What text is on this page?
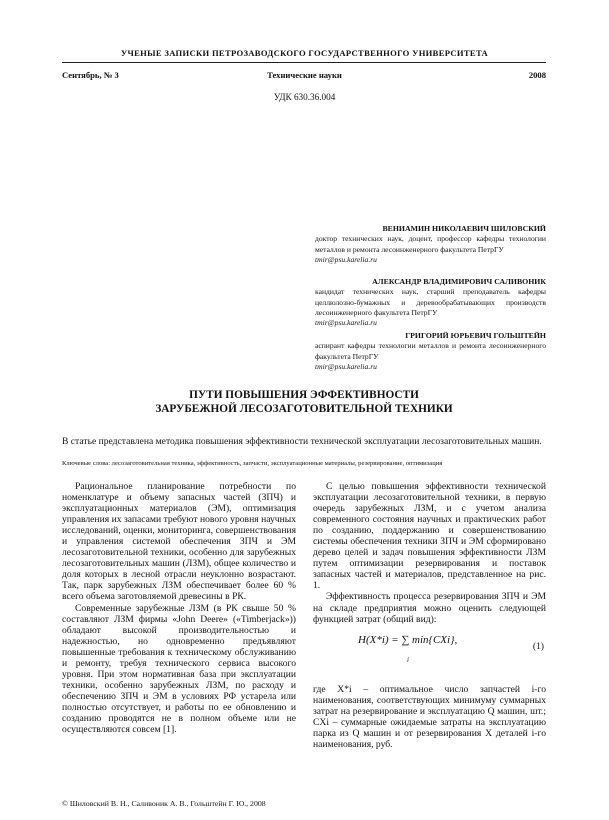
УЧЕНЫЕ ЗАПИСКИ ПЕТРОЗАВОДСКОГО ГОСУДАРСТВЕННОГО УНИВЕРСИТЕТА
Сентябрь, № 3	Технические науки	2008
УДК 630.36.004
ВЕНИАМИН НИКОЛАЕВИЧ ШИЛОВСКИЙ
доктор технических наук, доцент, профессор кафедры технологии металлов и ремонта лесоинженерного факультета ПетрГУ
tmir@psu.karelia.ru
АЛЕКСАНДР ВЛАДИМИРОВИЧ САЛИВОНИК
кандидат технических наук, старший преподаватель кафедры целлюлозно-бумажных и деревообрабатывающих производств лесоинженерного факультета ПетрГУ
tmir@psu.karelia.ru
ГРИГОРИЙ ЮРЬЕВИЧ ГОЛЬШТЕЙН
аспирант кафедры технологии металлов и ремонта лесоинженерного факультета ПетрГУ
tmir@psu.karelia.ru
ПУТИ ПОВЫШЕНИЯ ЭФФЕКТИВНОСТИ
ЗАРУБЕЖНОЙ ЛЕСОЗАГОТОВИТЕЛЬНОЙ ТЕХНИКИ
В статье представлена методика повышения эффективности технической эксплуатации лесозаготовительных машин.
Ключевые слова: лесозаготовительная техника, эффективность, запчасти, эксплуатационные материалы, резервирование, оптимизация

Рациональное планирование потребности по номенклатуре и объему запасных частей (ЗПЧ) и эксплуатационных материалов (ЭМ), оптимизация управления их запасами требуют нового уровня научных исследований, оценки, мониторинга, совершенствования и управления системой обеспечения ЗПЧ и ЭМ лесозаготовительной техники, особенно для зарубежных лесозаготовительных машин (ЛЗМ), общее количество и доля которых в лесной отрасли неуклонно возрастают. Так, парк зарубежных ЛЗМ обеспечивает более 60 % всего объема заготовляемой древесины в РК.

Современные зарубежные ЛЗМ (в РК свыше 50 % составляют ЛЗМ фирмы «John Deere» («Timberjack»)) обладают высокой производительностью и надежностью, но одновременно предъявляют повышенные требования к техническому обслуживанию и ремонту, требуя технического сервиса высокого уровня. При этом нормативная база при эксплуатации техники, особенно зарубежных ЛЗМ, по расходу и обеспечению ЗПЧ и ЭМ в условиях РФ устарела или полностью отсутствует, и работы по ее обновлению и созданию проводятся не в полном объеме или не осуществляются совсем [1].

С целью повышения эффективности технической эксплуатации лесозаготовительной техники, в первую очередь зарубежных ЛЗМ, и с учетом анализа современного состояния научных и практических работ по созданию, поддержанию и совершенствованию системы обеспечения техники ЗПЧ и ЭМ сформировано дерево целей и задач повышения эффективности ЛЗМ путем оптимизации резервирования и поставок запасных частей и материалов, представленное на рис. 1.

Эффективность процесса резервирования ЗПЧ и ЭМ на складе предприятия можно оценить следующей функцией затрат (общий вид):

H(X*i) = ∑ min{CXi},
i
(1)

где X*i – оптимальное число запчастей i-го наименования, соответствующих минимуму суммарных затрат на резервирование и эксплуатацию Q машин, шт.; CXi – суммарные ожидаемые затраты на эксплуатацию парка из Q машин и от резервирования X деталей i-го наименования, руб.

© Шиловский В. Н., Саливоник А. В., Гольштейн Г. Ю., 2008
